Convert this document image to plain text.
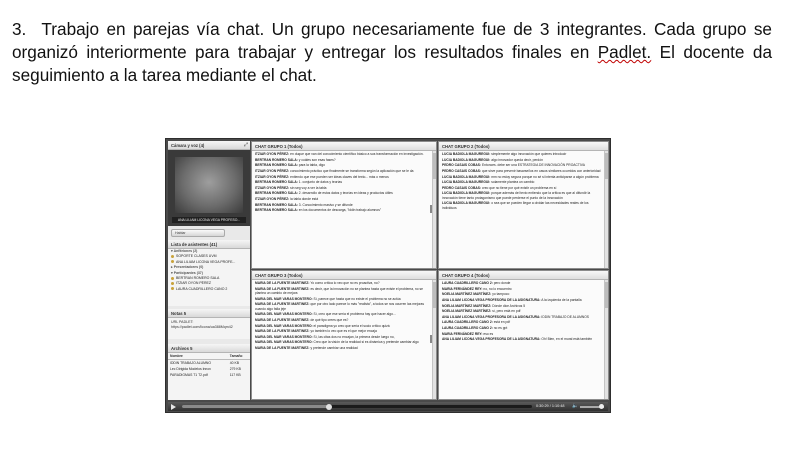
3. Trabajo en parejas vía chat. Un grupo necesariamente fue de 3 integrantes. Cada grupo se organizó interiormente para trabajar y entregar los resultados finales en Padlet. El docente da seguimiento a la tarea mediante el chat.
Cámara y voz (4)	⤢
ANA LILIAM LICONA VEGA PROFESO...
Hablar
Lista de asistentes (41)
▾ Anfitriones (2)
SOPORTE CLASES UVM
ANA LILIAM LICONA VEGA PROFE...
▸ Presentadores (0)
▾ Participantes (37)
BERTRAN ROMERO SALA
ITZIAR OYON PÉREZ
LAURA CUADRILLERO CANO 2
Notas 5
URL PADLET:
https://padlet.com/licona/ua388Mqm42
Archivos 5
Nombre	Tamaño
IDDIN TRABAJO ALUMNO	40 KB
Lec Dirigida Modelos Innov	279 KB
PARADIGMAS T1 T2.pdf	117 KB
CHAT GRUPO 1 (Todos)
ITZIAR OYON PÉREZ: en duque que van del conocimiento científico básico a sus transformación en investigación.
BERTRAN ROMERO SALA: y cuáles son esas fases?
BERTRAN ROMERO SALA: para la tabla, digo
ITZIAR OYON PÉREZ: conocimiento práctico que finalmente se transforma según la aplicación que se le da
ITZIAR OYON PÉREZ: entiendo que ese pueden ser ideas claves del texto... más o menos
BERTRAN ROMERO SALA: 1. conjunto de datos y teorías
ITZIAR OYON PÉREZ: sin seg voy a ver la tabla
BERTRAN ROMERO SALA: 2. desarrollo de estos datos y teorías en ideas y productos útiles
ITZIAR OYON PÉREZ: la tabla donde está
BERTRAN ROMERO SALA: 3. Conocimiento masivo y se difunde
BERTRAN ROMERO SALA: en los documentos de descarga, "iddin trabajo alumnos"
CHAT GRUPO 2 (Todos)
LUCIA BADIOLA MAGUREGUI: simplemente algo innovación que quieres introducir
LUCIA BADIOLA MAGUREGUI: algo innovador queda decir, perdón
PEDRO CASAIS COBAS: Entonces. debe ser una ESTRATEGIA DE INNOVACIÓN PROACTIVA
PEDRO CASAIS COBAS: que sirve para prevenir basarse/los en casos similares ocurridos con anterioridad
LUCIA BADIOLA MAGUREGUI: mm no estoy segura porque no sé si intenta anticiparse a algún problema
LUCIA BADIOLA MAGUREGUI: solamente plantea un cambio
PEDRO CASAIS COBAS: creo que no tiene por qué existir un problema en sí
LUCIA BADIOLA MAGUREGUI: porque además del texto entiendo que la crítica es que al difundir la innovación tiene tanto protagonismo que puede perderse el punto de la innovación
LUCIA BADIOLA MAGUREGUI: o sea que se pueden llegar a olvidar las necesidades reales de los individuos
CHAT GRUPO 3 (Todos)
MARIA DE LA FUENTE MARTINEZ: Yo como crítica lo veo que no es proactiva, no?
MARIA DE LA FUENTE MARTINEZ: es decir, que la innovación no se plantea hasta que existe el problema, no se plantea un cambio de mejora
MARIA DEL MAR VARAS MONTERO: Sí, parece que hasta que no existe el problema no se actúa
MARIA DE LA FUENTE MARTINEZ: que por otro lado parece lo más "realista", a todos se nos ocurren las mejoras cuando algo falla jeje
MARIA DEL MAR VARAS MONTERO: Sí, creo que ese sería el problema hay que hacer algo...
MARIA DE LA FUENTE MARTINEZ: de qué tipo crees que es?
MARIA DEL MAR VARAS MONTERO: el paradigma yo creo que sería el socio crítico quizá
MARIA DE LA FUENTE MARTINEZ: yo también lo veo que es el que mejor encaja
MARIA DEL MAR VARAS MONTERO: Sí, las citas dos no encajan, la primera desde luego no,
MARIA DEL MAR VARAS MONTERO: Creo que la visión de la realidad si es dinámica y pretende cambiar algo
MARIA DE LA FUENTE MARTINEZ: y pretende cambiar una realidad
CHAT GRUPO 4 (Todos)
LAURA CUADRILLERO CANO 2: pero donde
MARIA FERNÁNDEZ REY: no, no lo encuentro
NOELIA MARTÍNEZ MARTÍNEZ: yo tampoco
ANA LILIAM LICONA VEGA PROFESORA DE LA ASIGNATURA: A la izquierda de la pantalla
NOELIA MARTÍNEZ MARTÍNEZ: Dónde dice Archivos 5
NOELIA MARTÍNEZ MARTÍNEZ: sí, pero está en pdf
ANA LILIAM LICONA VEGA PROFESORA DE LA ASIGNATURA: IDDIN TRABAJO DE ALUMNOS
LAURA CUADRILLERO CANO 2: está en pdf
LAURA CUADRILLERO CANO 2: no es ppt
MARIA FERNÁNDEZ REY: eso es
ANA LILIAM LICONA VEGA PROFESORA DE LA ASIGNATURA: Oh! Bien, en el mural está también
0:30:29 / 1:10:48 🔈
